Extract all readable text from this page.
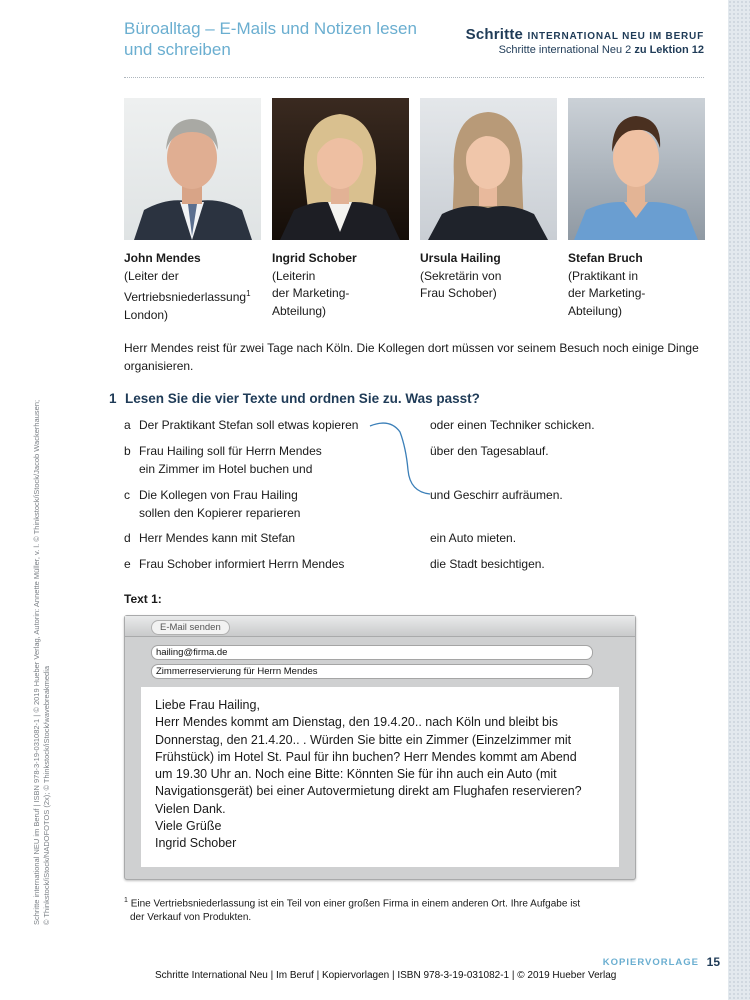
Büroalltag – E-Mails und Notizen lesen und schreiben
Schritte INTERNATIONAL NEU IM BERUF
Schritte international Neu 2 zu Lektion 12
John Mendes
(Leiter der
Vertriebsniederlassung$^1$
London)
Ingrid Schober
(Leiterin
der Marketing-
Abteilung)
Ursula Hailing
(Sekretärin von
Frau Schober)
Stefan Bruch
(Praktikant in
der Marketing-
Abteilung)
Herr Mendes reist für zwei Tage nach Köln. Die Kollegen dort müssen vor seinem Besuch noch einige Dinge organisieren.
1 Lesen Sie die vier Texte und ordnen Sie zu. Was passt?
a Der Praktikant Stefan soll etwas kopieren
b Frau Hailing soll für Herrn Mendes
ein Zimmer im Hotel buchen und
c Die Kollegen von Frau Hailing
sollen den Kopierer reparieren
d Herr Mendes kann mit Stefan
e Frau Schober informiert Herrn Mendes
oder einen Techniker schicken.
über den Tagesablauf.
und Geschirr aufräumen.
ein Auto mieten.
die Stadt besichtigen.
Text 1:
E-Mail senden
hailing@firma.de
Zimmerreservierung für Herrn Mendes
Liebe Frau Hailing,
Herr Mendes kommt am Dienstag, den 19.4.20.. nach Köln und bleibt bis
Donnerstag, den 21.4.20.. . Würden Sie bitte ein Zimmer (Einzelzimmer mit
Frühstück) im Hotel St. Paul für ihn buchen? Herr Mendes kommt am Abend
um 19.30 Uhr an. Noch eine Bitte: Könnten Sie für ihn auch ein Auto (mit
Navigationsgerät) bei einer Autovermietung direkt am Flughafen reservieren?
Vielen Dank.
Viele Grüße
Ingrid Schober
$^1$ Eine Vertriebsniederlassung ist ein Teil von einer großen Firma in einem anderen Ort. Ihre Aufgabe ist
der Verkauf von Produkten.
Schritte international NEU im Beruf | ISBN 978-3-19-031082-1 | © 2019 Hueber Verlag, Autorin: Annette Müller, v. l. © Thinkstock/iStock/Jacob Wackerhausen; © Thinkstock/iStock/NADOFOTOS (2x); © Thinkstock/iStock/wavebreakmedia
KOPIERVORLAGE 15
Schritte International Neu | Im Beruf | Kopiervorlagen | ISBN 978-3-19-031082-1 | © 2019 Hueber Verlag
